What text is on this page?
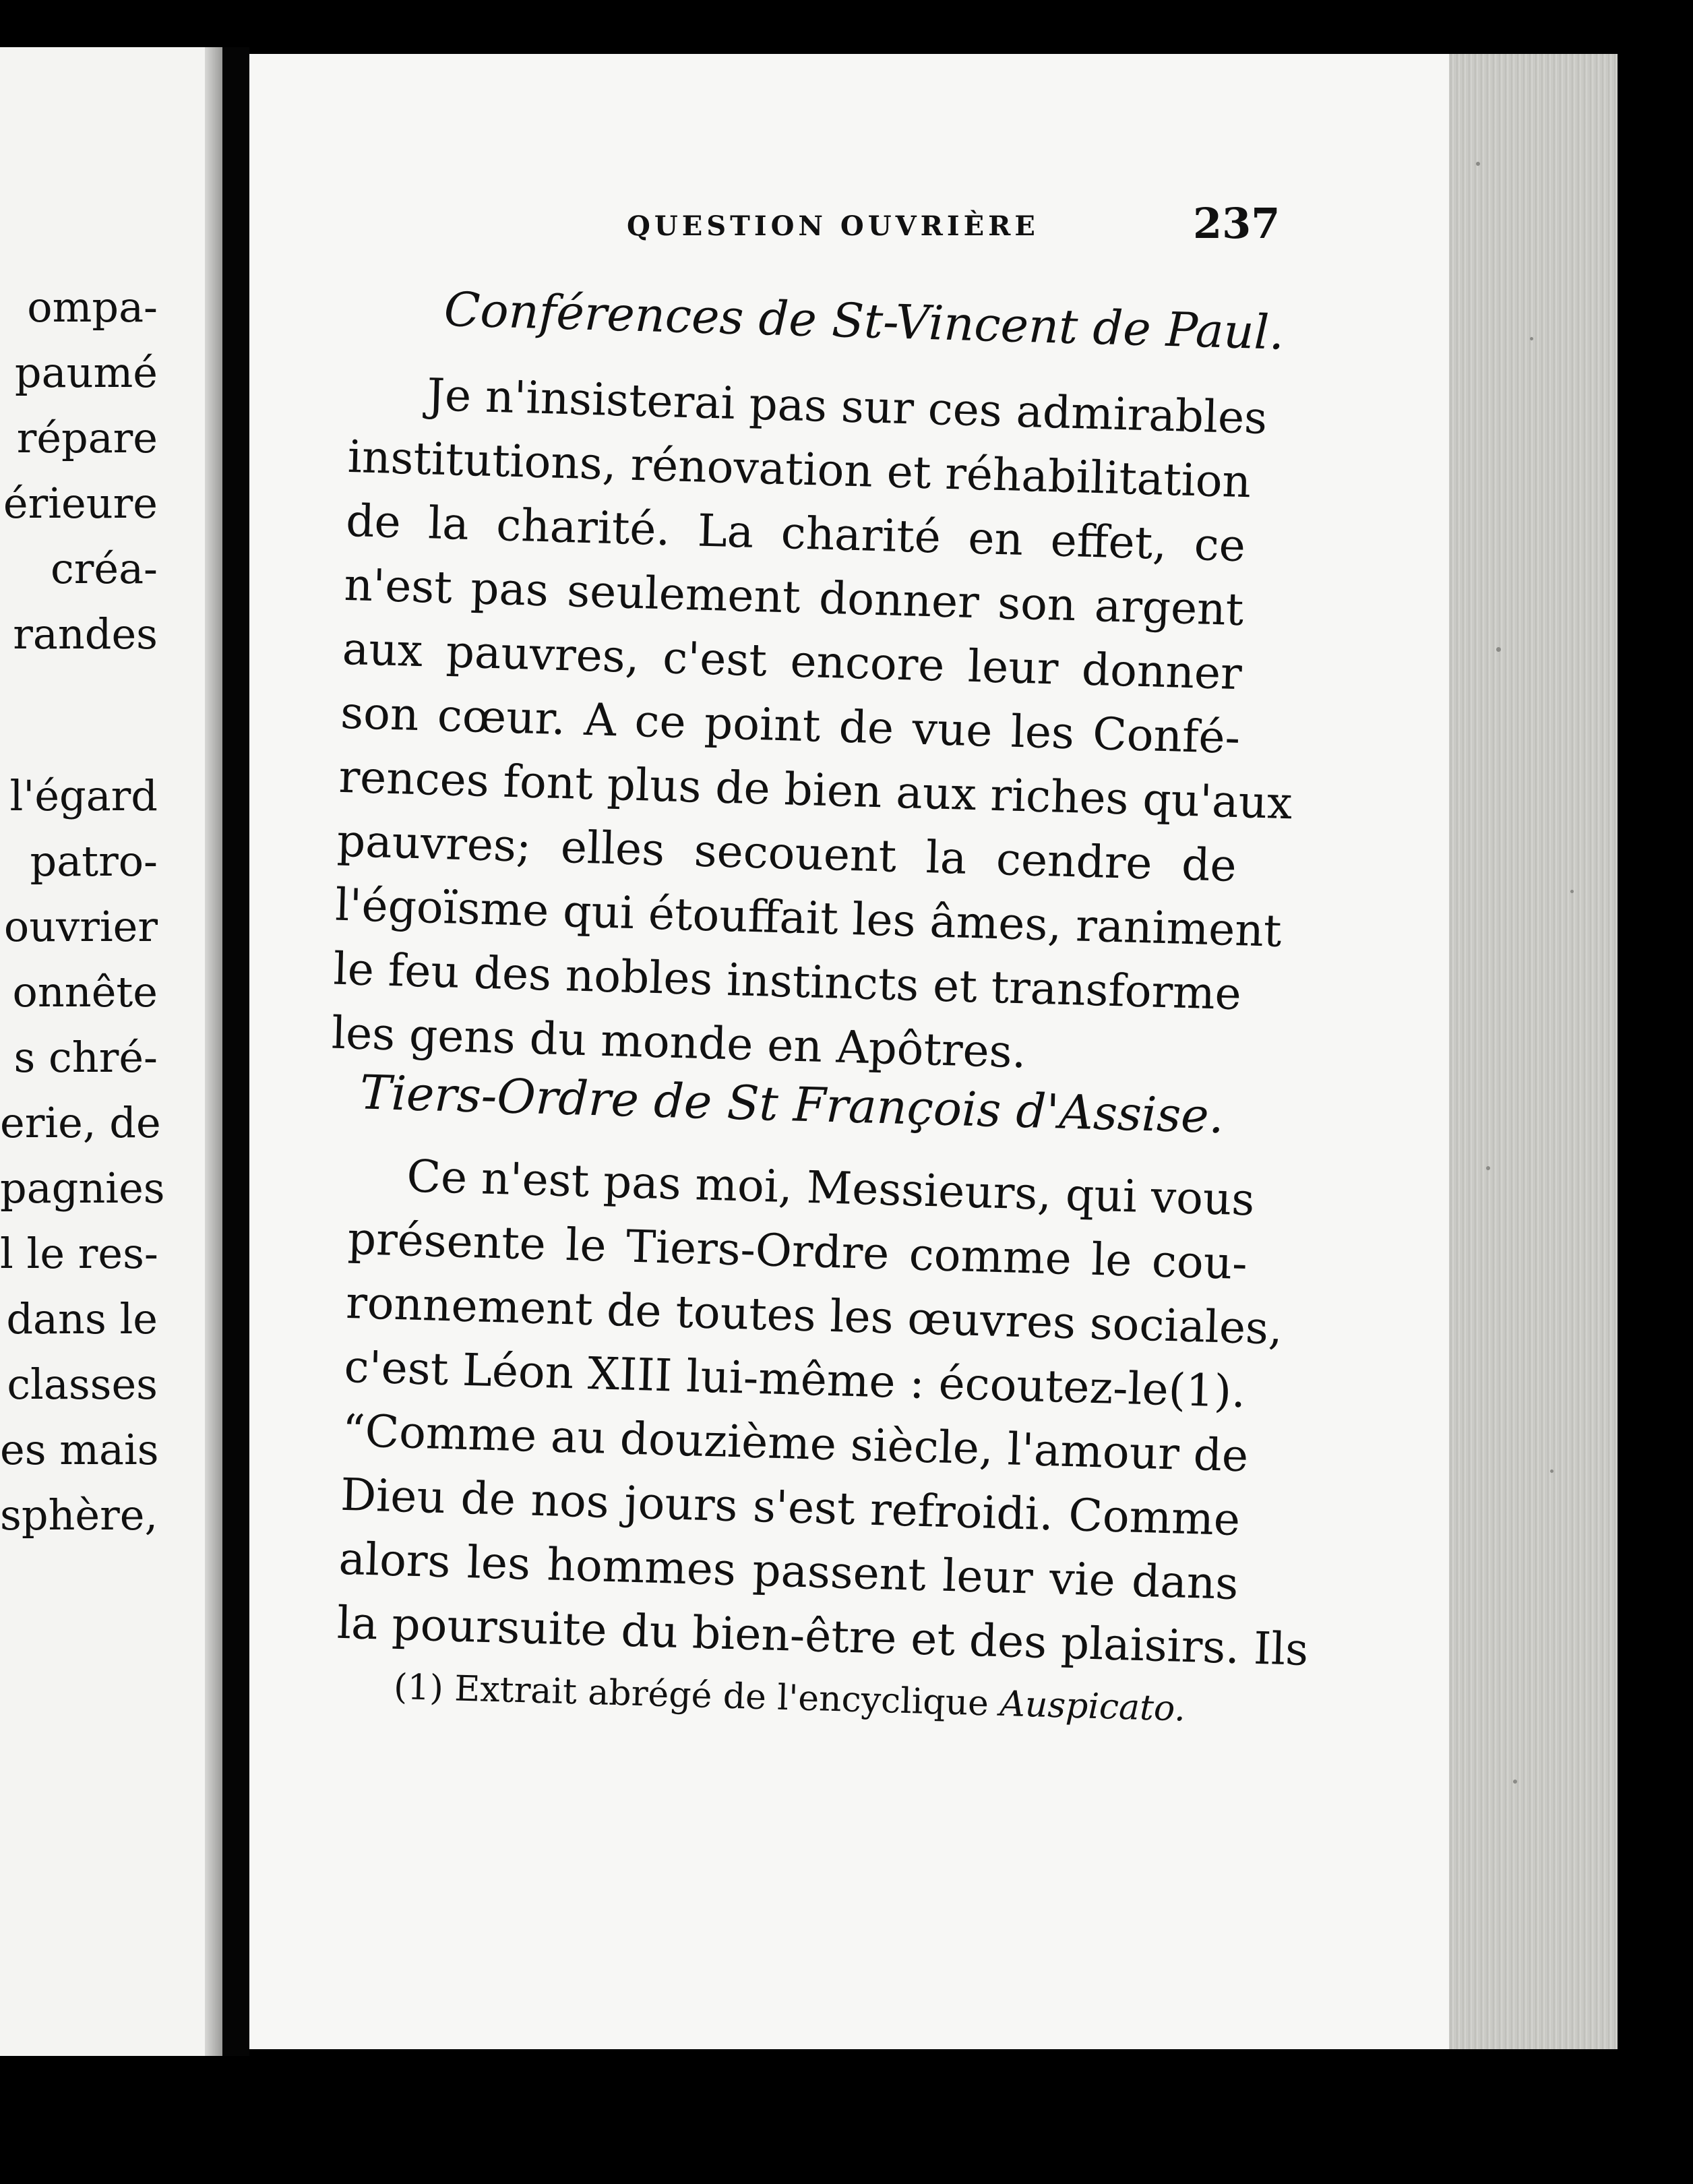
ompa-
paumé
répare
érieure
créa-
randes
l'égard
patro-
ouvrier
onnête
s chré-
erie, de
pagnies
l le res-
dans le
classes
es mais
sphère,
QUESTION OUVRIÈRE	237
Conférences de St-Vincent de Paul.
Je n'insisterai pas sur ces admirables
institutions, rénovation et réhabilitation
de la charité. La charité en effet, ce
n'est pas seulement donner son argent
aux pauvres, c'est encore leur donner
son cœur. A ce point de vue les Confé-
rences font plus de bien aux riches qu'aux
pauvres; elles secouent la cendre de
l'égoïsme qui étouffait les âmes, raniment
le feu des nobles instincts et transforme
les gens du monde en Apôtres.
Tiers-Ordre de St François d'Assise.
Ce n'est pas moi, Messieurs, qui vous
présente le Tiers-Ordre comme le cou-
ronnement de toutes les œuvres sociales,
c'est Léon XIII lui-même : écoutez-le(1).
“Comme au douzième siècle, l'amour de
Dieu de nos jours s'est refroidi. Comme
alors les hommes passent leur vie dans
la poursuite du bien-être et des plaisirs. Ils
(1) Extrait abrégé de l'encyclique Auspicato.
